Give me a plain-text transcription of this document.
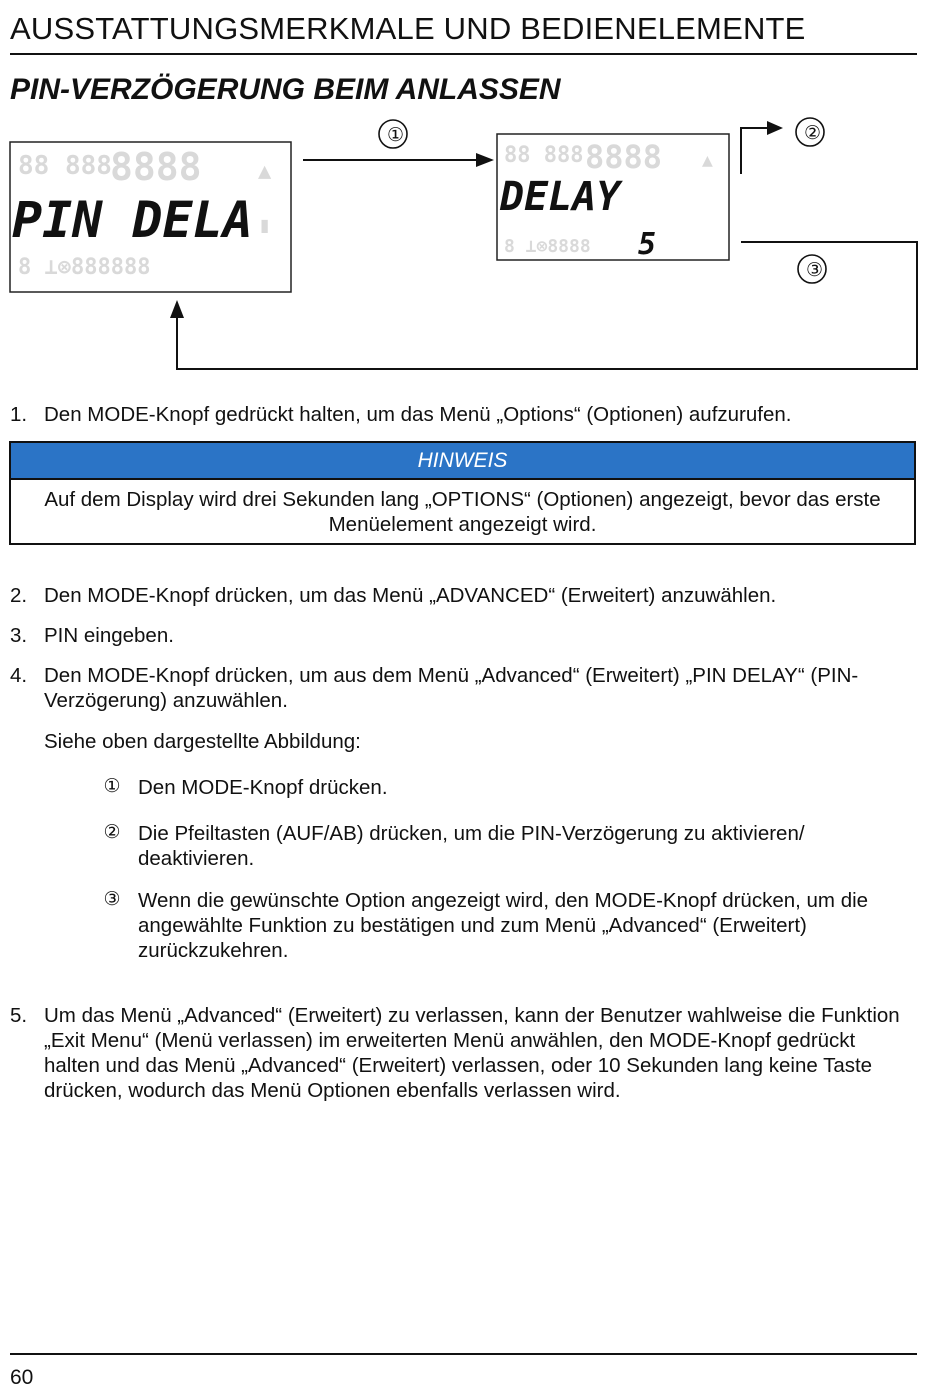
AUSSTATTUNGSMERKMALE UND BEDIENELEMENTE
PIN-VERZÖGERUNG BEIM ANLASSEN
88 888
8888	▲
8 ⊥⊗888888
▮
PIN DELA
88 888 8888 ▲
8 ⊥⊗8888
DELAY
5
①	②
③
1. Den MODE-Knopf gedrückt halten, um das Menü „Options“ (Optionen) aufzurufen.
HINWEIS
Auf dem Display wird drei Sekunden lang „OPTIONS“ (Optionen) angezeigt, bevor das erste Menüelement angezeigt wird.
2. Den MODE-Knopf drücken, um das Menü „ADVANCED“ (Erweitert) anzuwählen.
3. PIN eingeben.
4. Den MODE-Knopf drücken, um aus dem Menü „Advanced“ (Erweitert) „PIN DELAY“ (PIN-Verzögerung) anzuwählen.
Siehe oben dargestellte Abbildung:
① Den MODE-Knopf drücken.
② Die Pfeiltasten (AUF/AB) drücken, um die PIN-Verzögerung zu aktivieren/ deaktivieren.
③ Wenn die gewünschte Option angezeigt wird, den MODE-Knopf drücken, um die angewählte Funktion zu bestätigen und zum Menü „Advanced“ (Erweitert) zurückzukehren.
5. Um das Menü „Advanced“ (Erweitert) zu verlassen, kann der Benutzer wahlweise die Funktion „Exit Menu“ (Menü verlassen) im erweiterten Menü anwählen, den MODE-Knopf gedrückt halten und das Menü „Advanced“ (Erweitert) verlassen, oder 10 Sekunden lang keine Taste drücken, wodurch das Menü Optionen ebenfalls verlassen wird.
60
